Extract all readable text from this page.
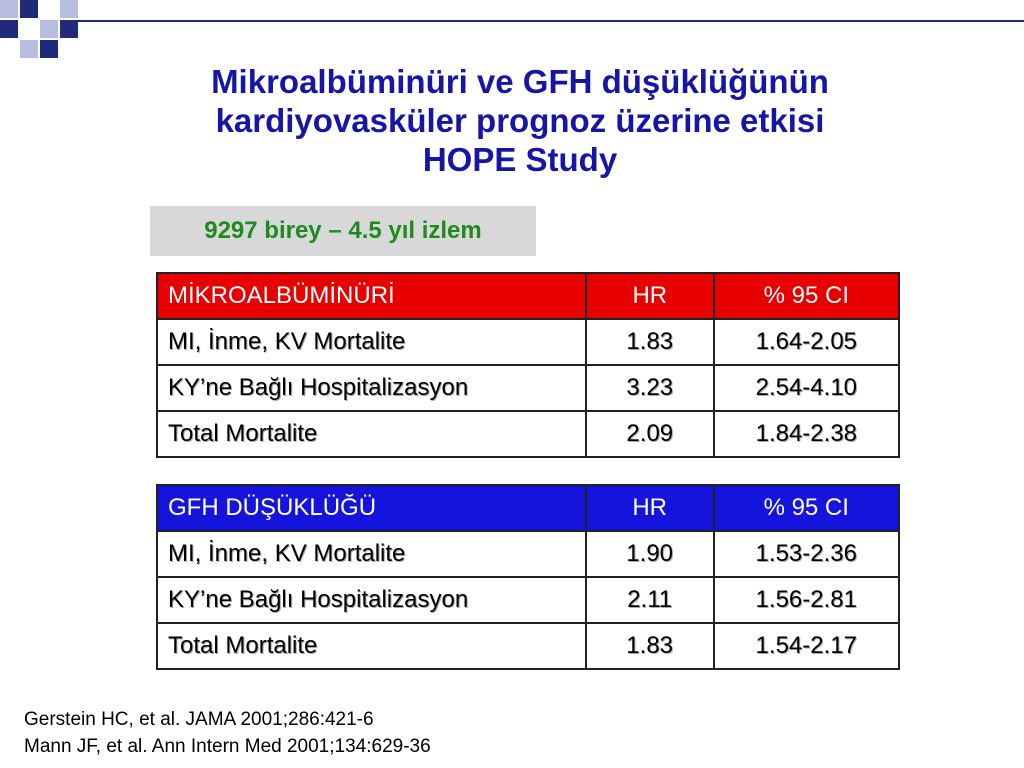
Mikroalbüminüri ve GFH düşüklüğünün
kardiyovasküler prognoz üzerine etkisi
HOPE Study
9297 birey – 4.5 yıl izlem
MİKROALBÜMİNÜRİ	HR	% 95 CI
MI, İnme, KV Mortalite	1.83	1.64-2.05
KY’ne Bağlı Hospitalizasyon	3.23	2.54-4.10
Total Mortalite	2.09	1.84-2.38
GFH DÜŞÜKLÜĞÜ	HR	% 95 CI
MI, İnme, KV Mortalite	1.90	1.53-2.36
KY’ne Bağlı Hospitalizasyon	2.11	1.56-2.81
Total Mortalite	1.83	1.54-2.17
Gerstein HC, et al. JAMA 2001;286:421-6
Mann JF, et al. Ann Intern Med 2001;134:629-36
